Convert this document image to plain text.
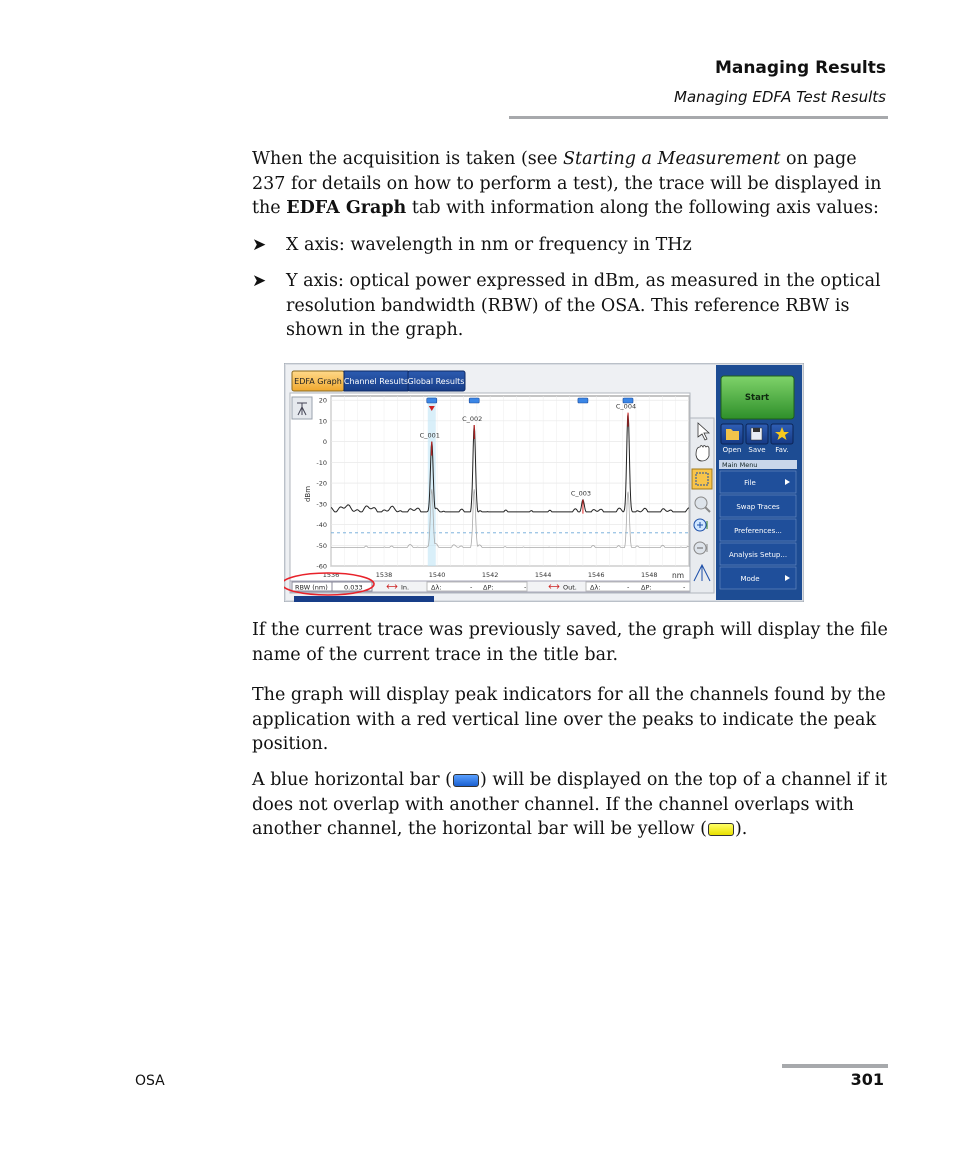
Managing Results
Managing EDFA Test Results
When the acquisition is taken (see Starting a Measurement on page 237 for details on how to perform a test), the trace will be displayed in the EDFA Graph tab with information along the following axis values:
➤ X axis: wavelength in nm or frequency in THz
➤ Y axis: optical power expressed in dBm, as measured in the optical resolution bandwidth (RBW) of the OSA. This reference RBW is shown in the graph.
EDFA Graph Channel Results Global Results
20
10
0
-10
-20
-30
-40
-50
-60
1536	1538	1540	1542	1544	1546	1548
dBm
nm
C_001
C_002
C_003
C_004
RBW (nm) 0.033	In.	Δλ:	- ΔP:	-	Out. Δλ:	- ΔP:	-
Start
Open Save Fav.
Main Menu
File
Swap Traces
Preferences...
Analysis Setup...
Mode
If the current trace was previously saved, the graph will display the file name of the current trace in the title bar.
The graph will display peak indicators for all the channels found by the application with a red vertical line over the peaks to indicate the peak position.
A blue horizontal bar ( ) will be displayed on the top of a channel if it does not overlap with another channel. If the channel overlaps with another channel, the horizontal bar will be yellow ( ).
OSA	301
